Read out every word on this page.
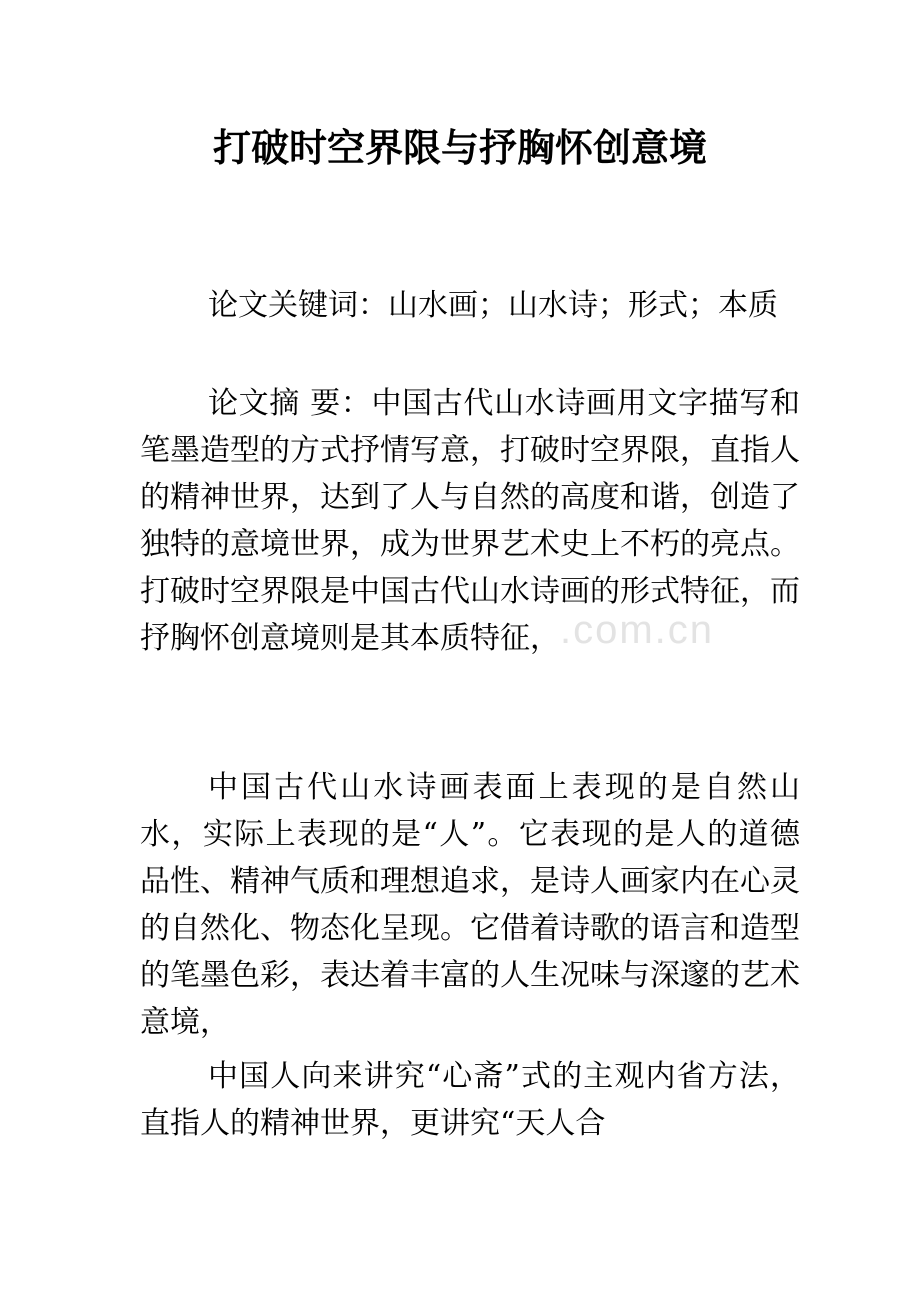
打破时空界限与抒胸怀创意境

论文关键词：山水画；山水诗；形式；本质

论文摘 要：中国古代山水诗画用文字描写和笔墨造型的方式抒情写意，打破时空界限，直指人的精神世界，达到了人与自然的高度和谐，创造了独特的意境世界，成为世界艺术史上不朽的亮点。打破时空界限是中国古代山水诗画的形式特征，而抒胸怀创意境则是其本质特征，

中国古代山水诗画表面上表现的是自然山水，实际上表现的是“人”。它表现的是人的道德品性、精神气质和理想追求，是诗人画家内在心灵的自然化、物态化呈现。它借着诗歌的语言和造型的笔墨色彩，表达着丰富的人生况味与深邃的艺术意境，

中国人向来讲究“心斋”式的主观内省方法，直指人的精神世界，更讲究“天人合

.com.cn
